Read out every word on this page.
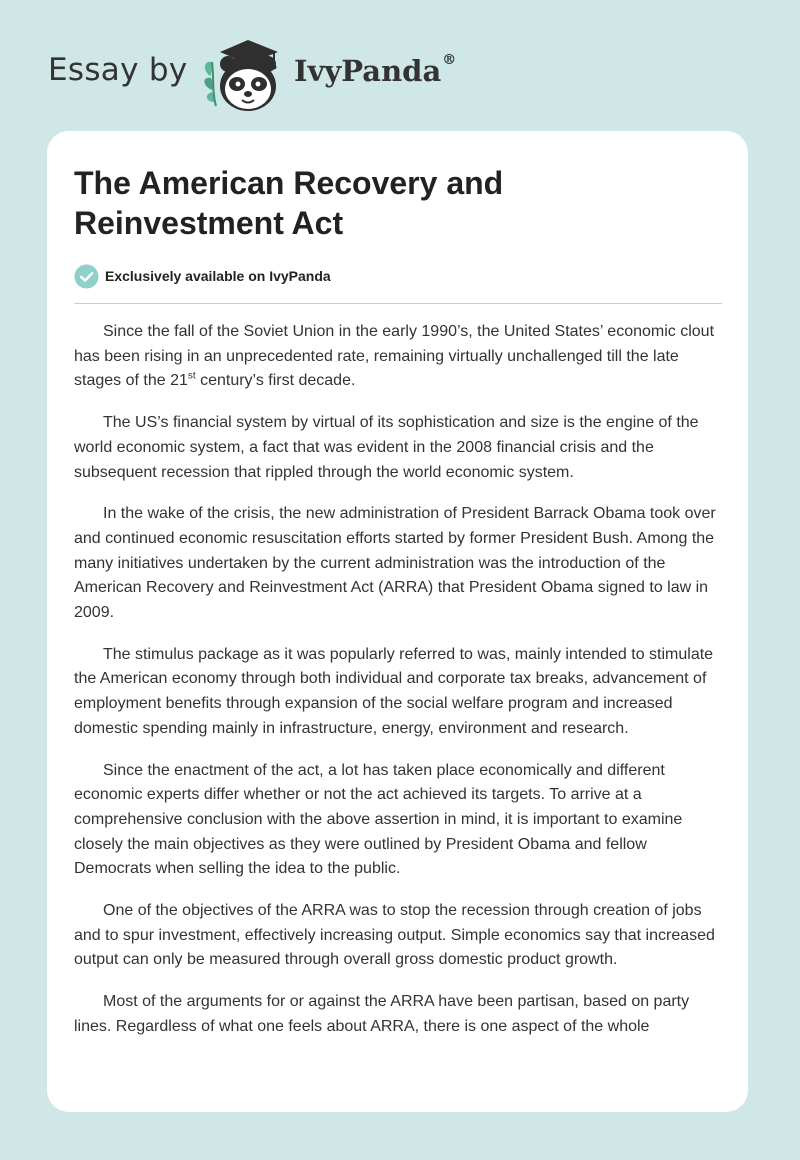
Essay by	IvyPanda®
The American Recovery and Reinvestment Act
Exclusively available on IvyPanda

Since the fall of the Soviet Union in the early 1990’s, the United States’ economic clout has been rising in an unprecedented rate, remaining virtually unchallenged till the late stages of the 21st century’s first decade.

The US’s financial system by virtual of its sophistication and size is the engine of the world economic system, a fact that was evident in the 2008 financial crisis and the subsequent recession that rippled through the world economic system.

In the wake of the crisis, the new administration of President Barrack Obama took over and continued economic resuscitation efforts started by former President Bush. Among the many initiatives undertaken by the current administration was the introduction of the American Recovery and Reinvestment Act (ARRA) that President Obama signed to law in 2009.

The stimulus package as it was popularly referred to was, mainly intended to stimulate the American economy through both individual and corporate tax breaks, advancement of employment benefits through expansion of the social welfare program and increased domestic spending mainly in infrastructure, energy, environment and research.

Since the enactment of the act, a lot has taken place economically and different economic experts differ whether or not the act achieved its targets. To arrive at a comprehensive conclusion with the above assertion in mind, it is important to examine closely the main objectives as they were outlined by President Obama and fellow Democrats when selling the idea to the public.

One of the objectives of the ARRA was to stop the recession through creation of jobs and to spur investment, effectively increasing output. Simple economics say that increased output can only be measured through overall gross domestic product growth.

Most of the arguments for or against the ARRA have been partisan, based on party lines. Regardless of what one feels about ARRA, there is one aspect of the whole
